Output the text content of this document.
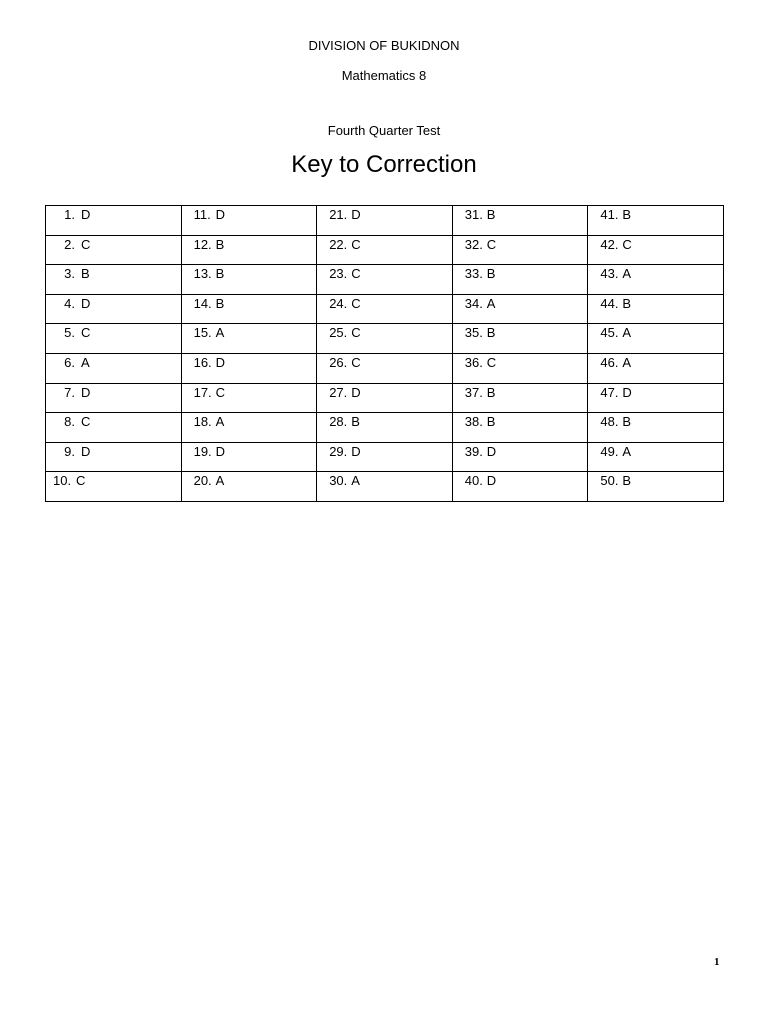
DIVISION OF BUKIDNON

Mathematics 8

Fourth Quarter Test

Key to Correction
1. D	11. D	21. D	31. B	41. B

2. C	12. B	22. C	32. C	42. C

3. B	13. B	23. C	33. B	43. A

4. D	14. B	24. C	34. A	44. B

5. C	15. A	25. C	35. B	45. A

6. A	16. D	26. C	36. C	46. A

7. D	17. C	27. D	37. B	47. D

8. C	18. A	28. B	38. B	48. B

9. D	19. D	29. D	39. D	49. A

10. C	20. A	30. A	40. D	50. B
1
